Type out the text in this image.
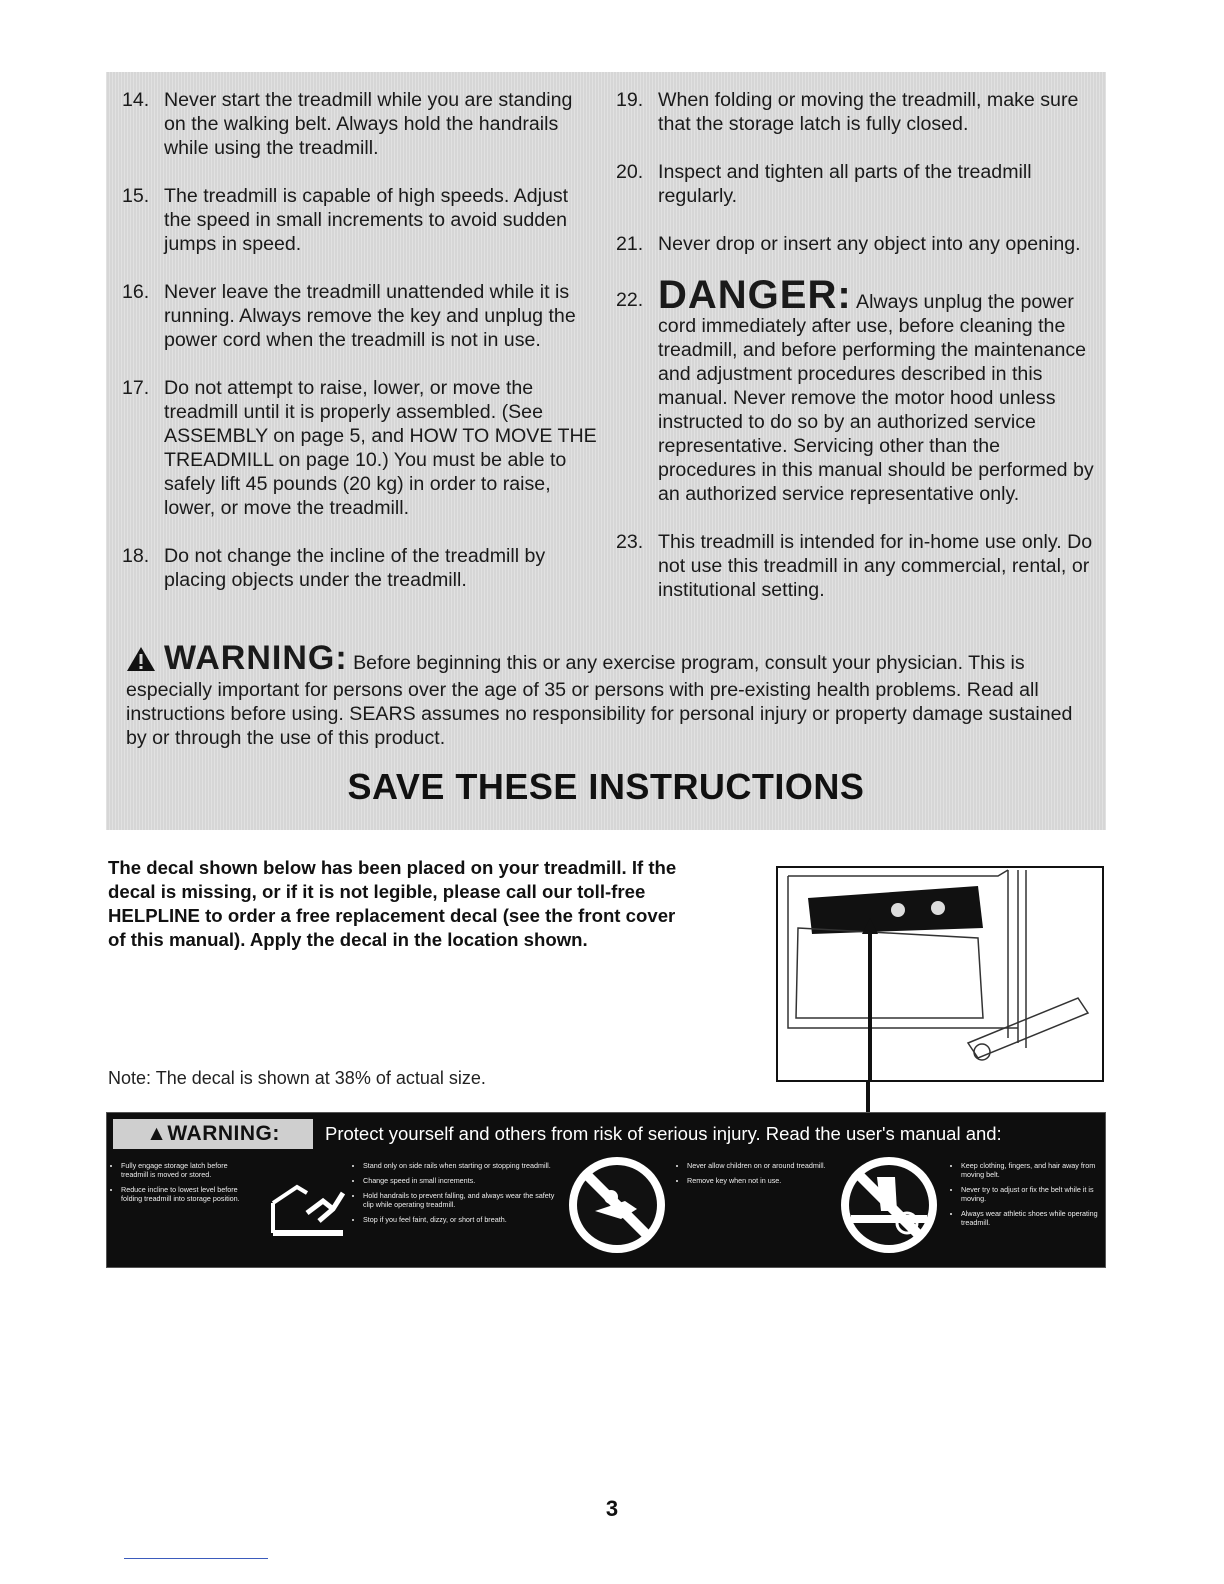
14. Never start the treadmill while you are standing on the walking belt. Always hold the handrails while using the treadmill.
15. The treadmill is capable of high speeds. Adjust the speed in small increments to avoid sudden jumps in speed.
16. Never leave the treadmill unattended while it is running. Always remove the key and unplug the power cord when the treadmill is not in use.
17. Do not attempt to raise, lower, or move the treadmill until it is properly assembled. (See ASSEMBLY on page 5, and HOW TO MOVE THE TREADMILL on page 10.) You must be able to safely lift 45 pounds (20 kg) in order to raise, lower, or move the treadmill.
18. Do not change the incline of the treadmill by placing objects under the treadmill.
19. When folding or moving the treadmill, make sure that the storage latch is fully closed.
20. Inspect and tighten all parts of the treadmill regularly.
21. Never drop or insert any object into any opening.
22. DANGER: Always unplug the power cord immediately after use, before cleaning the treadmill, and before performing the maintenance and adjustment procedures described in this manual. Never remove the motor hood unless instructed to do so by an authorized service representative. Servicing other than the procedures in this manual should be performed by an authorized service representative only.
23. This treadmill is intended for in-home use only. Do not use this treadmill in any commercial, rental, or institutional setting.
WARNING: Before beginning this or any exercise program, consult your physician. This is especially important for persons over the age of 35 or persons with pre-existing health problems. Read all instructions before using. SEARS assumes no responsibility for personal injury or property damage sustained by or through the use of this product.
SAVE THESE INSTRUCTIONS
The decal shown below has been placed on your treadmill. If the decal is missing, or if it is not legible, please call our toll-free HELPLINE to order a free replacement decal (see the front cover of this manual). Apply the decal in the location shown.
Note: The decal is shown at 38% of actual size.
▲WARNING:	Protect yourself and others from risk of serious injury. Read the user's manual and:
• Fully engage storage latch before treadmill is moved or stored.
• Reduce incline to lowest level before folding treadmill into storage position.
• Stand only on side rails when starting or stopping treadmill.
• Change speed in small increments.
• Hold handrails to prevent falling, and always wear the safety clip while operating treadmill.
• Stop if you feel faint, dizzy, or short of breath.
• Never allow children on or around treadmill.
• Remove key when not in use.
• Keep clothing, fingers, and hair away from moving belt.
• Never try to adjust or fix the belt while it is moving.
• Always wear athletic shoes while operating treadmill.
3
